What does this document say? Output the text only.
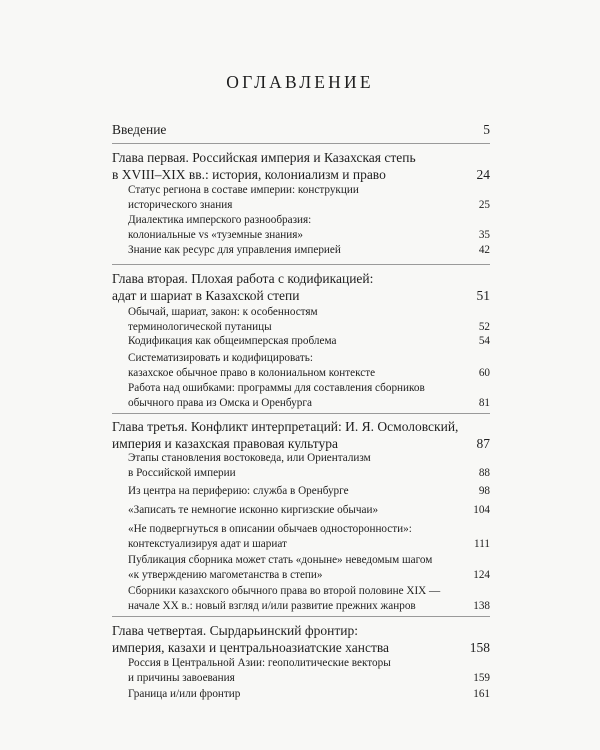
ОГЛАВЛЕНИЕ
Введение	5
Глава первая. Российская империя и Казахская степь
в XVIII–XIX вв.: история, колониализм и право	24
Статус региона в составе империи: конструкции
исторического знания	25
Диалектика имперского разнообразия:
колониальные vs «туземные знания»	35
Знание как ресурс для управления империей	42
Глава вторая. Плохая работа с кодификацией:
адат и шариат в Казахской степи	51
Обычай, шариат, закон: к особенностям
терминологической путаницы	52
Кодификация как общеимперская проблема	54
Систематизировать и кодифицировать:
казахское обычное право в колониальном контексте	60
Работа над ошибками: программы для составления сборников
обычного права из Омска и Оренбурга	81
Глава третья. Конфликт интерпретаций: И. Я. Осмоловский,
империя и казахская правовая культура	87
Этапы становления востоковеда, или Ориентализм
в Российской империи	88
Из центра на периферию: служба в Оренбурге	98
«Записать те немногие исконно киргизские обычаи»	104
«Не подвергнуться в описании обычаев односторонности»:
контекстуализируя адат и шариат	111
Публикация сборника может стать «доныне» неведомым шагом
«к утверждению магометанства в степи»	124
Сборники казахского обычного права во второй половине XIX —
начале XX в.: новый взгляд и/или развитие прежних жанров	138
Глава четвертая. Сырдарьинский фронтир:
империя, казахи и центральноазиатские ханства	158
Россия в Центральной Азии: геополитические векторы
и причины завоевания	159
Граница и/или фронтир	161
